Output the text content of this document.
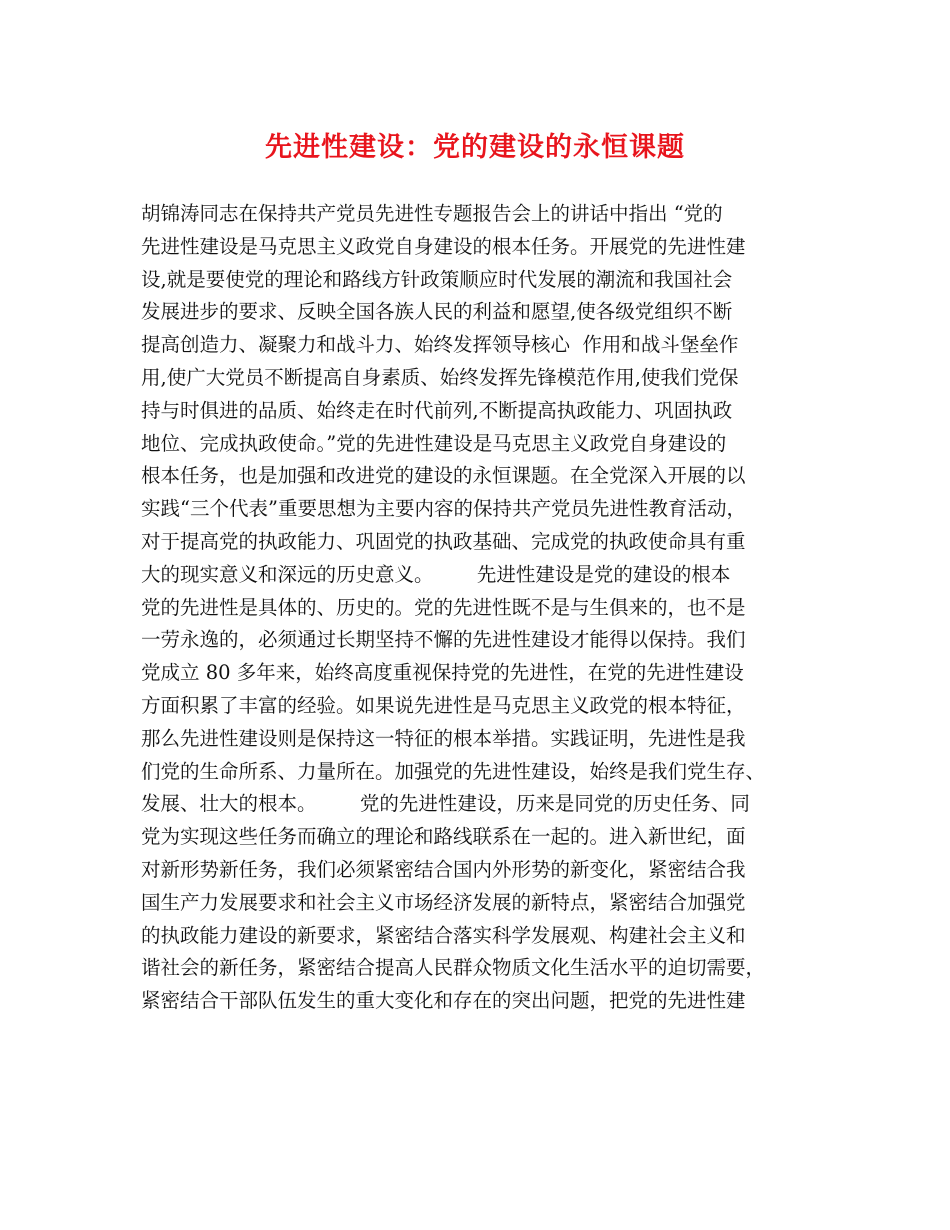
先进性建设：党的建设的永恒课题
胡锦涛同志在保持共产党员先进性专题报告会上的讲话中指出 “党的
先进性建设是马克思主义政党自身建设的根本任务。开展党的先进性建
设,就是要使党的理论和路线方针政策顺应时代发展的潮流和我国社会
发展进步的要求、反映全国各族人民的利益和愿望,使各级党组织不断
提高创造力、凝聚力和战斗力、始终发挥领导核心  作用和战斗堡垒作
用,使广大党员不断提高自身素质、始终发挥先锋模范作用,使我们党保
持与时俱进的品质、始终走在时代前列,不断提高执政能力、巩固执政
地位、完成执政使命。”党的先进性建设是马克思主义政党自身建设的
根本任务，也是加强和改进党的建设的永恒课题。在全党深入开展的以
实践“三个代表”重要思想为主要内容的保持共产党员先进性教育活动，
对于提高党的执政能力、巩固党的执政基础、完成党的执政使命具有重
大的现实意义和深远的历史意义。       先进性建设是党的建设的根本
党的先进性是具体的、历史的。党的先进性既不是与生俱来的，也不是
一劳永逸的，必须通过长期坚持不懈的先进性建设才能得以保持。我们
党成立 80 多年来，始终高度重视保持党的先进性，在党的先进性建设
方面积累了丰富的经验。如果说先进性是马克思主义政党的根本特征，
那么先进性建设则是保持这一特征的根本举措。实践证明，先进性是我
们党的生命所系、力量所在。加强党的先进性建设，始终是我们党生存、
发展、壮大的根本。       党的先进性建设，历来是同党的历史任务、同
党为实现这些任务而确立的理论和路线联系在一起的。进入新世纪，面
对新形势新任务，我们必须紧密结合国内外形势的新变化，紧密结合我
国生产力发展要求和社会主义市场经济发展的新特点，紧密结合加强党
的执政能力建设的新要求，紧密结合落实科学发展观、构建社会主义和
谐社会的新任务，紧密结合提高人民群众物质文化生活水平的迫切需要，
紧密结合干部队伍发生的重大变化和存在的突出问题，把党的先进性建
